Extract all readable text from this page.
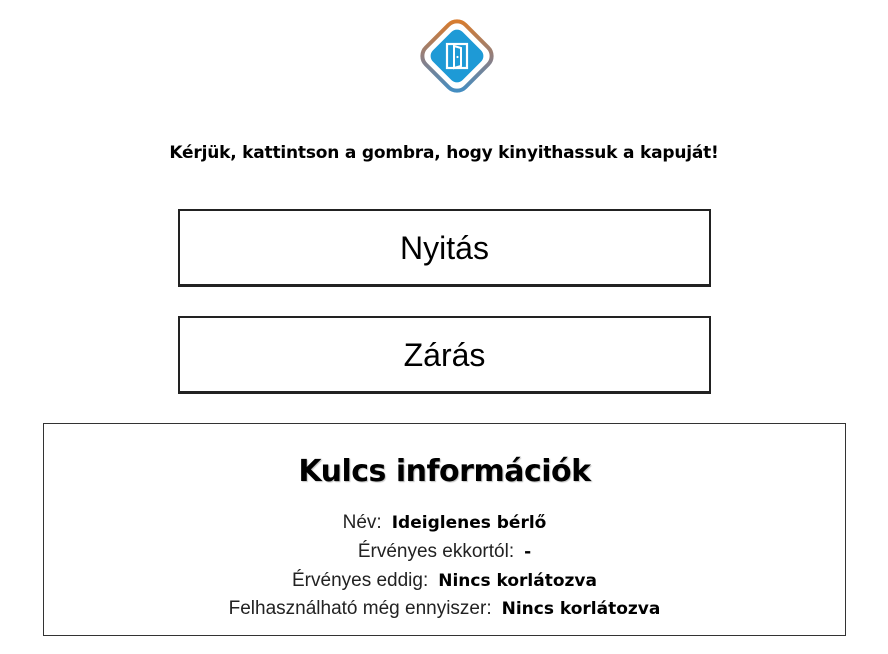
Kérjük, kattintson a gombra, hogy kinyithassuk a kapuját!
Nyitás
Zárás
Kulcs információk
Név: Ideiglenes bérlő
Érvényes ekkortól: -
Érvényes eddig: Nincs korlátozva
Felhasználható még ennyiszer: Nincs korlátozva
